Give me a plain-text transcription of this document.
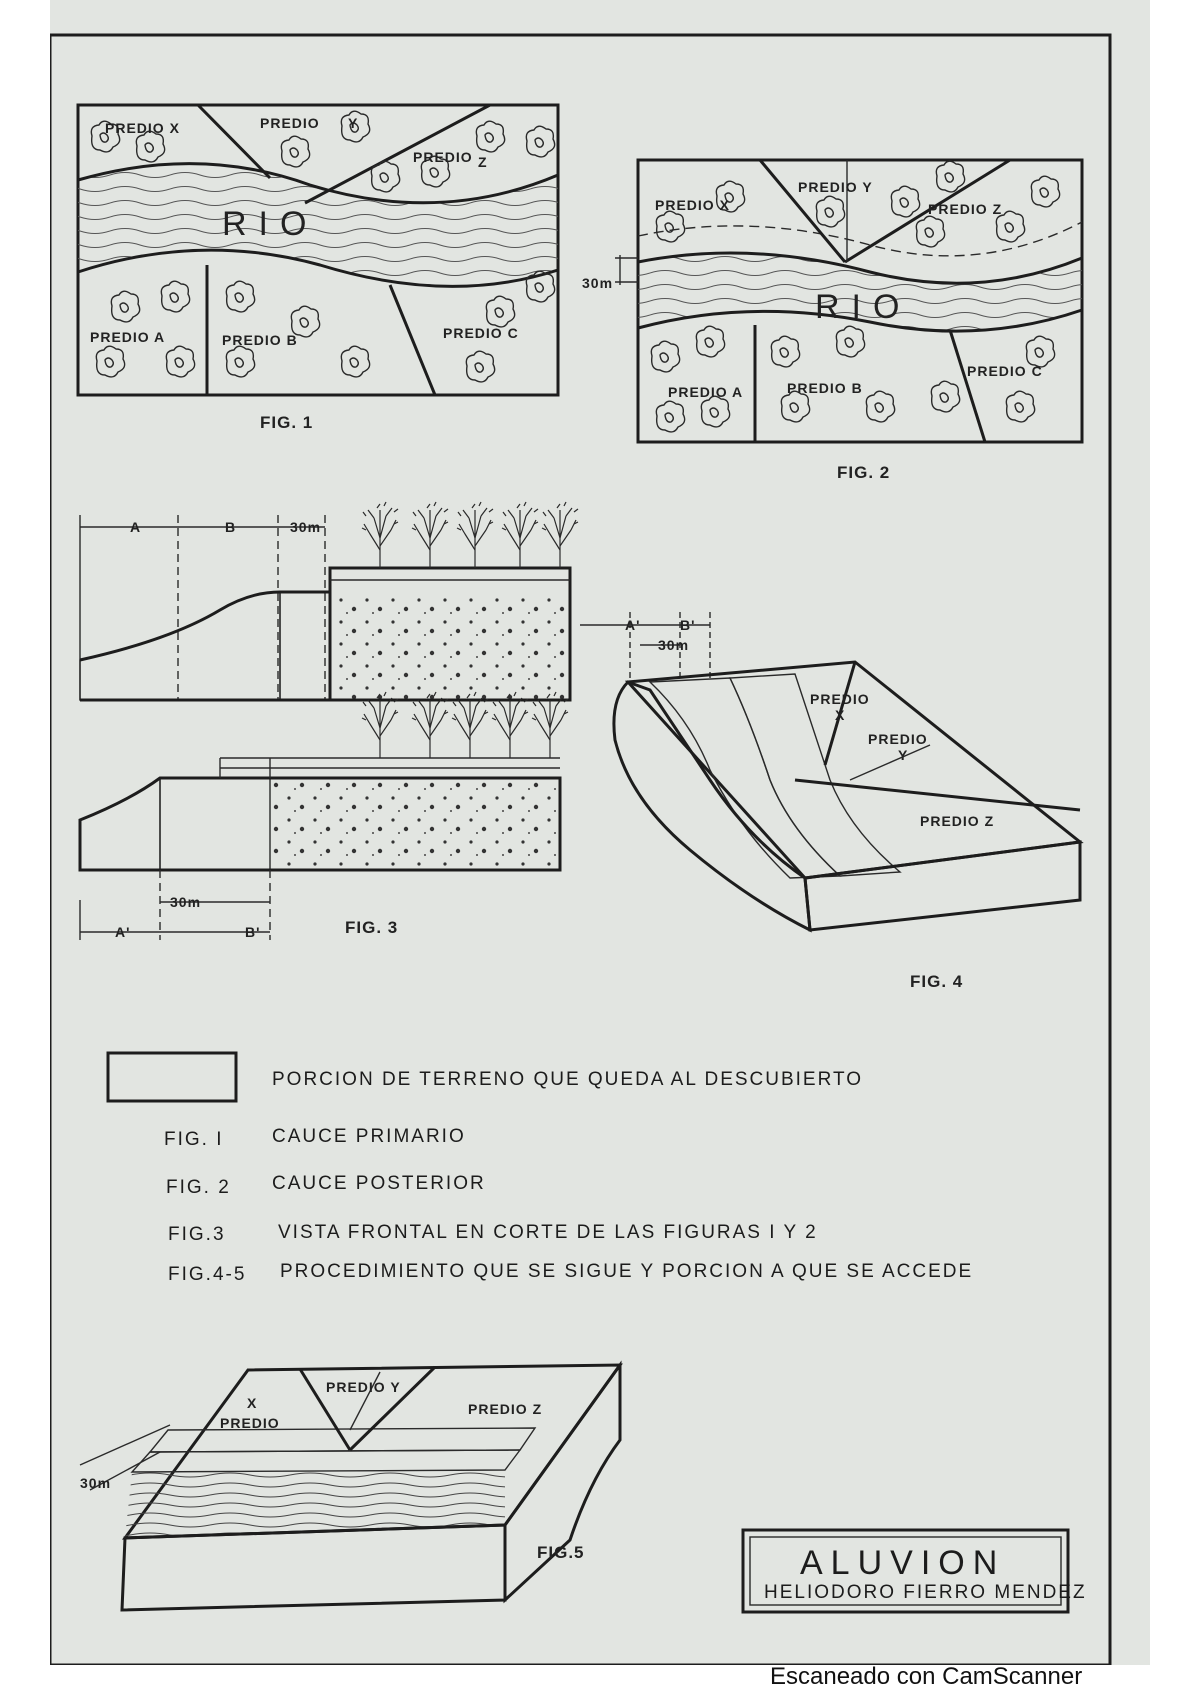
PREDIO X	PREDIO Y
PREDIO Z
PREDIO A	PREDIO B	PREDIO C
RIO
FIG. 1
30m
PREDIO X
PREDIO Y
PREDIO Z
PREDIO A	PREDIO B
PREDIO C
RIO
FIG. 2
A	B	30m
30m
A'	B'	FIG. 3
A'	B'
30m
PREDIO
X
PREDIO
Y
PREDIO Z
FIG. 4
PORCION DE TERRENO QUE QUEDA AL DESCUBIERTO
FIG. I	CAUCE PRIMARIO
FIG. 2 CAUCE POSTERIOR
FIG.3	VISTA FRONTAL EN CORTE DE LAS FIGURAS I Y 2
FIG.4-5 PROCEDIMIENTO QUE SE SIGUE Y PORCION A QUE SE ACCEDE
30m
X
PREDIO
PREDIO Y
PREDIO Z
FIG.5	ALUVION
HELIODORO FIERRO MENDEZ
Escaneado con CamScanner
